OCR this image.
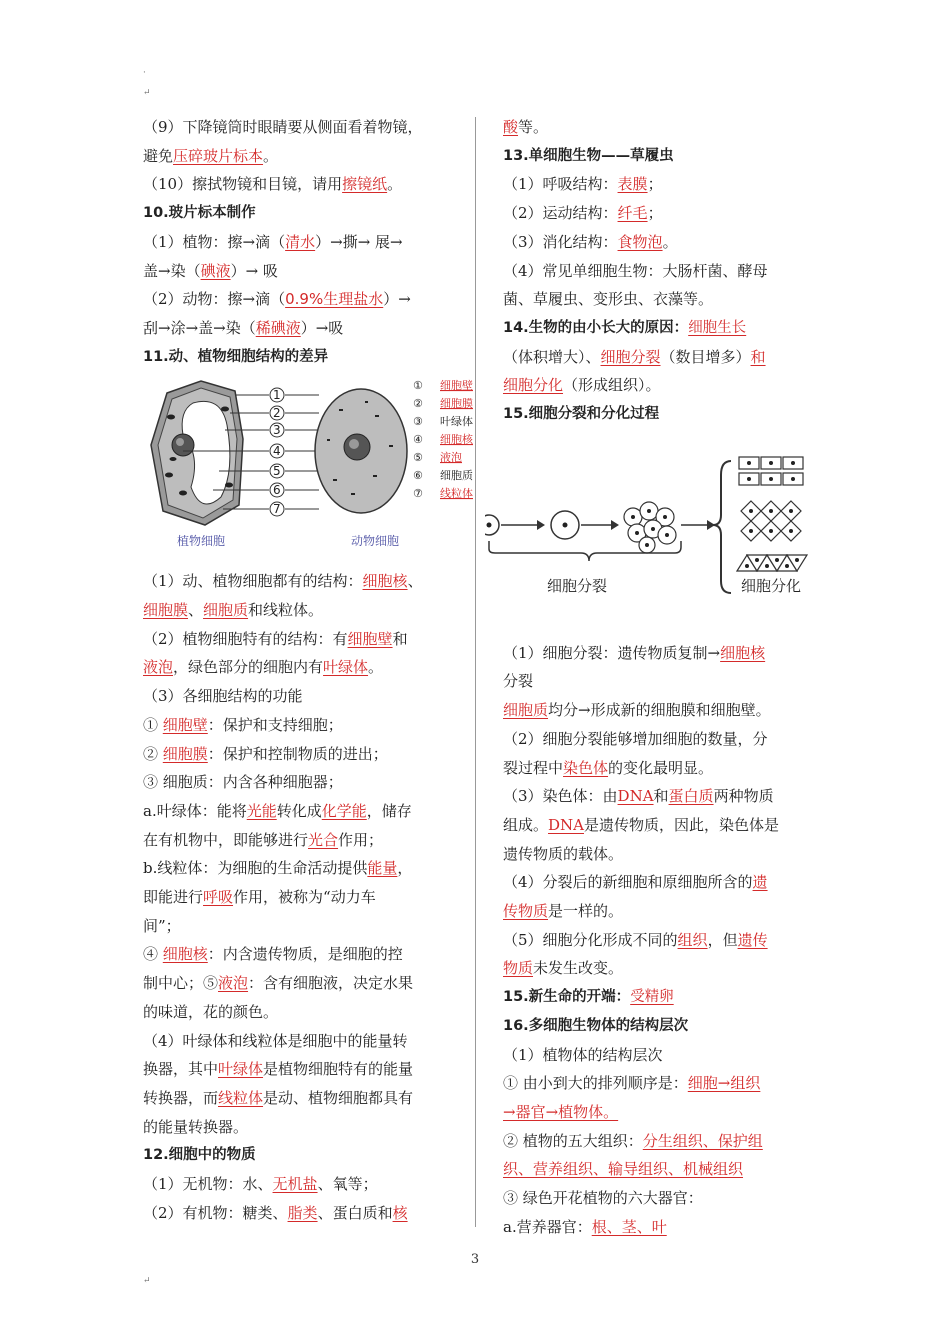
·
↵
↵

（9）下降镜筒时眼睛要从侧面看着物镜，

避免压碎玻片标本。

（10）擦拭物镜和目镜，请用擦镜纸。

10.玻片标本制作

（1）植物：擦→滴（清水）→撕→ 展→

盖→染（碘液）→ 吸

（2）动物：擦→滴（0.9%生理盐水）→

刮→涂→盖→染（稀碘液）→吸

11.动、植物细胞结构的差异

1
2
3
4
5
6
7
①
②
③
④
⑤
⑥
⑦
细胞壁
细胞膜
叶绿体
细胞核
液泡
细胞质
线粒体
植物细胞	动物细胞

（1）动、植物细胞都有的结构：细胞核、

细胞膜、细胞质和线粒体。

（2）植物细胞特有的结构：有细胞壁和

液泡，绿色部分的细胞内有叶绿体。

（3）各细胞结构的功能

① 细胞壁：保护和支持细胞；

② 细胞膜：保护和控制物质的进出；

③ 细胞质：内含各种细胞器；

a.叶绿体：能将光能转化成化学能，储存

在有机物中，即能够进行光合作用；

b.线粒体：为细胞的生命活动提供能量，

即能进行呼吸作用，被称为“动力车

间”；

④ 细胞核：内含遗传物质，是细胞的控

制中心；⑤液泡：含有细胞液，决定水果

的味道，花的颜色。

（4）叶绿体和线粒体是细胞中的能量转

换器，其中叶绿体是植物细胞特有的能量

转换器，而线粒体是动、植物细胞都具有

的能量转换器。

12.细胞中的物质

（1）无机物：水、无机盐、氧等；

（2）有机物：糖类、脂类、蛋白质和核

酸等。

13.单细胞生物——草履虫

（1）呼吸结构：表膜；

（2）运动结构：纤毛；

（3）消化结构：食物泡。

（4）常见单细胞生物：大肠杆菌、酵母

菌、草履虫、变形虫、衣藻等。

14.生物的由小长大的原因：细胞生长

（体积增大）、细胞分裂（数目增多）和

细胞分化（形成组织）。

15.细胞分裂和分化过程

细胞分裂	细胞分化

（1）细胞分裂：遗传物质复制→细胞核

分裂

细胞质均分→形成新的细胞膜和细胞壁。

（2）细胞分裂能够增加细胞的数量，分

裂过程中染色体的变化最明显。

（3）染色体：由DNA和蛋白质两种物质

组成。DNA是遗传物质，因此，染色体是

遗传物质的载体。

（4）分裂后的新细胞和原细胞所含的遗

传物质是一样的。

（5）细胞分化形成不同的组织，但遗传

物质未发生改变。

15.新生命的开端：受精卵

16.多细胞生物体的结构层次

（1）植物体的结构层次

① 由小到大的排列顺序是：细胞→组织

→器官→植物体。

② 植物的五大组织：分生组织、保护组

织、营养组织、输导组织、机械组织

③ 绿色开花植物的六大器官：

a.营养器官：根、茎、叶

3
